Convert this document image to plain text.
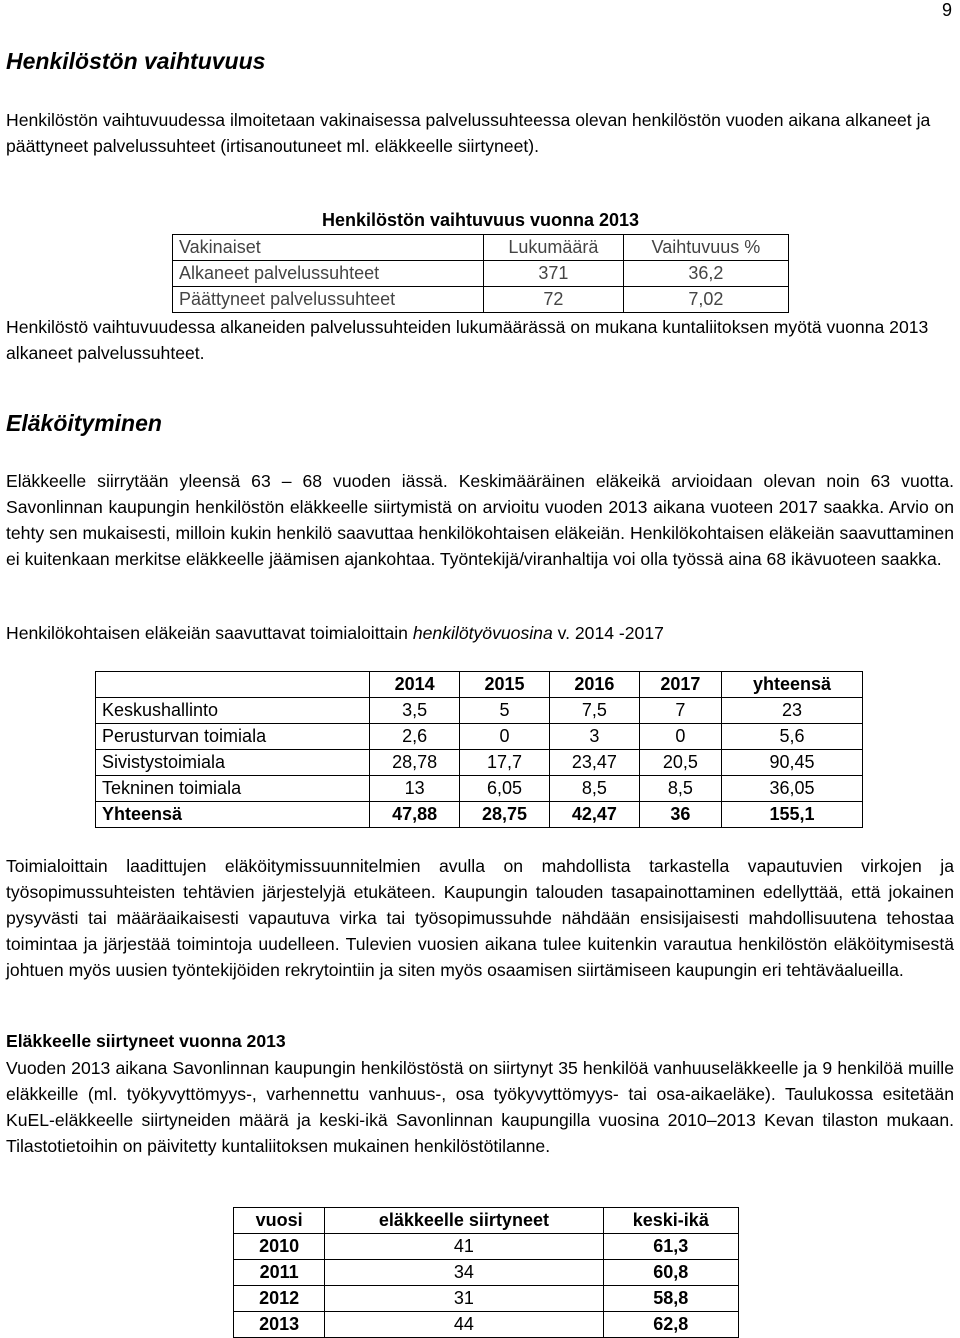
9
Henkilöstön vaihtuvuus

Henkilöstön vaihtuvuudessa ilmoitetaan vakinaisessa palvelussuhteessa olevan henkilöstön vuoden aikana alkaneet ja päättyneet palvelussuhteet (irtisanoutuneet ml. eläkkeelle siirtyneet).

Henkilöstön vaihtuvuus vuonna 2013		
Vakinaiset	Lukumäärä	Vaihtuvuus %
Alkaneet palvelussuhteet	371	36,2
Päättyneet palvelussuhteet	72	7,02

Henkilöstö vaihtuvuudessa alkaneiden palvelussuhteiden lukumäärässä on mukana kuntaliitoksen myötä vuonna 2013 alkaneet palvelussuhteet.

Eläköityminen

Eläkkeelle siirrytään yleensä 63 – 68 vuoden iässä. Keskimääräinen eläkeikä arvioidaan olevan noin 63 vuotta. Savonlinnan kaupungin henkilöstön eläkkeelle siirtymistä on arvioitu vuoden 2013 aikana vuoteen 2017 saakka. Arvio on tehty sen mukaisesti, milloin kukin henkilö saavuttaa henkilökohtaisen eläkeiän. Henkilökohtaisen eläkeiän saavuttaminen ei kuitenkaan merkitse eläkkeelle jäämisen ajankohtaa. Työntekijä/viranhaltija voi olla työssä aina 68 ikävuoteen saakka.

Henkilökohtaisen eläkeiän saavuttavat toimialoittain henkilötyövuosina v. 2014 -2017

	2014	2015	2016	2017	yhteensä
Keskushallinto	3,5	5	7,5	7	23
Perusturvan toimiala	2,6	0	3	0	5,6
Sivistystoimiala	28,78	17,7	23,47	20,5	90,45
Tekninen toimiala	13	6,05	8,5	8,5	36,05
Yhteensä	47,88	28,75	42,47	36	155,1

Toimialoittain laadittujen eläköitymissuunnitelmien avulla on mahdollista tarkastella vapautuvien virkojen ja työsopimussuhteisten tehtävien järjestelyjä etukäteen. Kaupungin talouden tasapainottaminen edellyttää, että jokainen pysyvästi tai määräaikaisesti vapautuva virka tai työsopimussuhde nähdään ensisijaisesti mahdollisuutena tehostaa toimintaa ja järjestää toimintoja uudelleen. Tulevien vuosien aikana tulee kuitenkin varautua henkilöstön eläköitymisestä johtuen myös uusien työntekijöiden rekrytointiin ja siten myös osaamisen siirtämiseen kaupungin eri tehtäväalueilla.

Eläkkeelle siirtyneet vuonna 2013

Vuoden 2013 aikana Savonlinnan kaupungin henkilöstöstä on siirtynyt 35 henkilöä vanhuuseläkkeelle ja 9 henkilöä muille eläkkeille (ml. työkyvyttömyys-, varhennettu vanhuus-, osa työkyvyttömyys- tai osa-aikaeläke). Taulukossa esitetään KuEL-eläkkeelle siirtyneiden määrä ja keski-ikä Savonlinnan kaupungilla vuosina 2010–2013 Kevan tilaston mukaan. Tilastotietoihin on päivitetty kuntaliitoksen mukainen henkilöstötilanne.

vuosi	eläkkeelle siirtyneet	keski-ikä
2010	41	61,3
2011	34	60,8
2012	31	58,8
2013	44	62,8
